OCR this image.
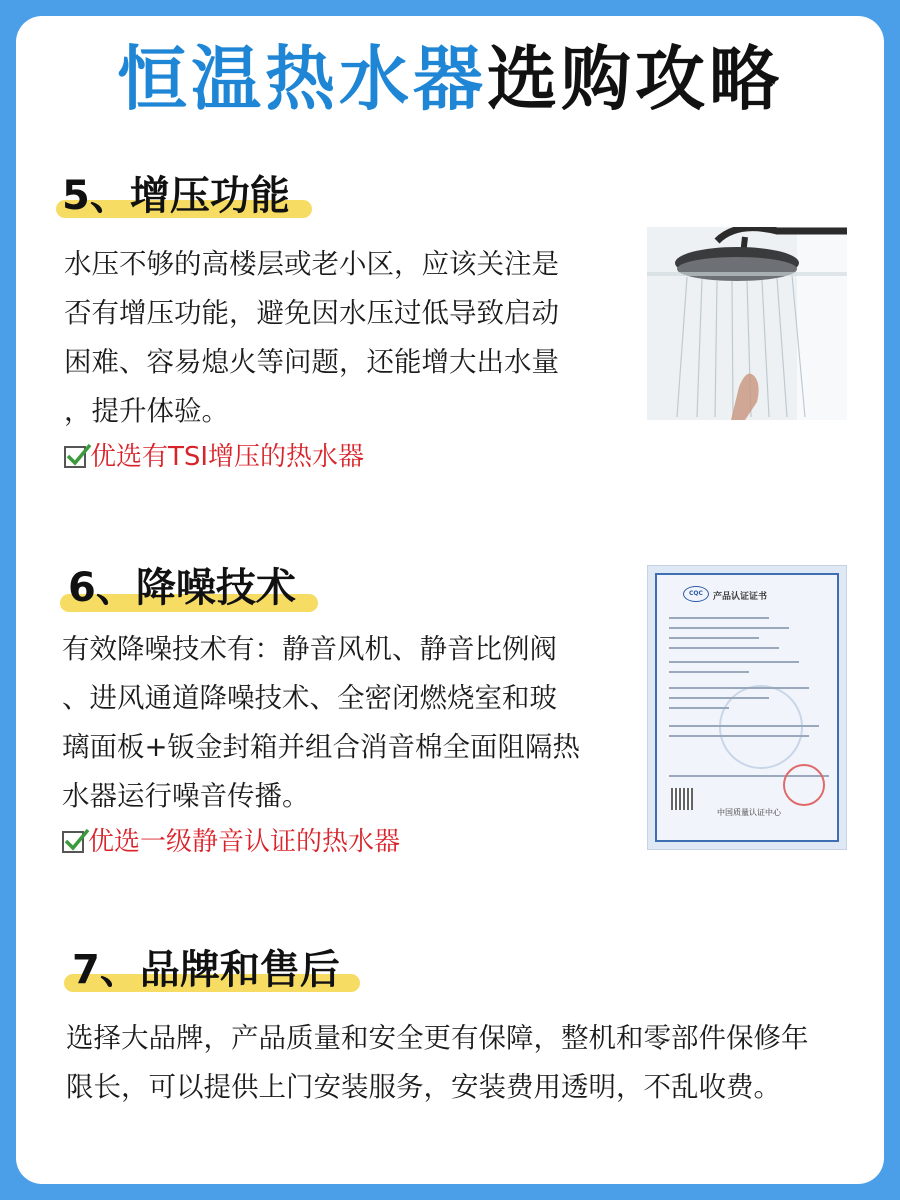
恒温热水器选购攻略
5、增压功能
水压不够的高楼层或老小区，应该关注是
否有增压功能，避免因水压过低导致启动
困难、容易熄火等问题，还能增大出水量
，提升体验。
优选有TSI增压的热水器
6、降噪技术
有效降噪技术有：静音风机、静音比例阀
、进风通道降噪技术、全密闭燃烧室和玻
璃面板+钣金封箱并组合消音棉全面阻隔热
水器运行噪音传播。
优选一级静音认证的热水器
CQC	产品认证证书
中国质量认证中心
7、品牌和售后
选择大品牌，产品质量和安全更有保障，整机和零部件保修年
限长，可以提供上门安装服务，安装费用透明，不乱收费。
